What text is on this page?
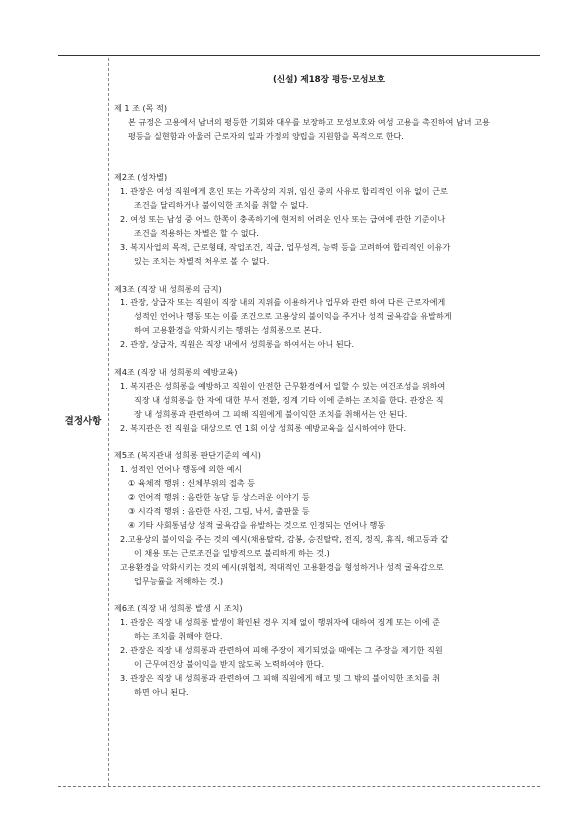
결정사항
(신설) 제18장 평등·모성보호
제 1 조 (목 적)
본 규정은 고용에서 남녀의 평등한 기회와 대우를 보장하고 모성보호와 여성 고용을 촉진하여 남녀 고용
평등을 실현함과 아울러 근로자의 일과 가정의 양립을 지원함을 목적으로 한다.
제2조 (성차별)
1. 관장은 여성 직원에게 혼인 또는 가족상의 지위, 임신 중의 사유로 합리적인 이유 없이 근로
조건을 달리하거나 불이익한 조치를 취할 수 없다.
2. 여성 또는 남성 중 어느 한쪽이 충족하기에 현저히 어려운 인사 또는 급여에 관한 기준이나
조건을 적용하는 차별은 할 수 없다.
3. 복지사업의 목적, 근로형태, 작업조건, 직급, 업무성격, 능력 등을 고려하여 합리적인 이유가
있는 조치는 차별적 처우로 볼 수 없다.
제3조 (직장 내 성희롱의 금지)
1. 관장, 상급자 또는 직원이 직장 내의 지위를 이용하거나 업무와 관련 하여 다른 근로자에게
성적인 언어나 행동 또는 이를 조건으로 고용상의 불이익을 주거나 성적 굴욕감을 유발하게
하여 고용환경을 악화시키는 행위는 성희롱으로 본다.
2. 관장, 상급자, 직원은 직장 내에서 성희롱을 하여서는 아니 된다.
제4조 (직장 내 성희롱의 예방교육)
1. 복지관은 성희롱을 예방하고 직원이 안전한 근무환경에서 일할 수 있는 여건조성을 위하여
직장 내 성희롱을 한 자에 대한 부서 전환, 징계 기타 이에 준하는 조치를 한다. 관장은 직
장 내 성희롱과 관련하여 그 피해 직원에게 불이익한 조치를 취해서는 안 된다.
2. 복지관은 전 직원을 대상으로 연 1회 이상 성희롱 예방교육을 실시하여야 한다.
제5조 (복지관내 성희롱 판단기준의 예시)
1. 성적인 언어나 행동에 의한 예시
① 육체적 행위 : 신체부위의 접촉 등
② 언어적 행위 : 음란한 농담 등 상스러운 이야기 등
③ 시각적 행위 : 음란한 사진, 그림, 낙서, 출판물 등
④ 기타 사회통념상 성적 굴욕감을 유발하는 것으로 인정되는 언어나 행동
2.고용상의 불이익을 주는 것의 예시(채용탈락, 감봉, 승진탈락, 전직, 정직, 휴직, 해고등과 같
이 채용 또는 근로조건을 일방적으로 불리하게 하는 것.)
고용환경을 악화시키는 것의 예시(위협적, 적대적인 고용환경을 형성하거나 성적 굴욕감으로
업무능률을 저해하는 것.)
제6조 (직장 내 성희롱 발생 시 조치)
1. 관장은 직장 내 성희롱 발생이 확인된 경우 지체 없이 행위자에 대하여 징계 또는 이에 준
하는 조치를 취해야 한다.
2. 관장은 직장 내 성희롱과 관련하여 피해 주장이 제기되었을 때에는 그 주장을 제기한 직원
이 근무여건상 불이익을 받지 않도록 노력하여야 한다.
3. 관장은 직장 내 성희롱과 관련하여 그 피해 직원에게 해고 및 그 밖의 불이익한 조치를 취
하면 아니 된다.
